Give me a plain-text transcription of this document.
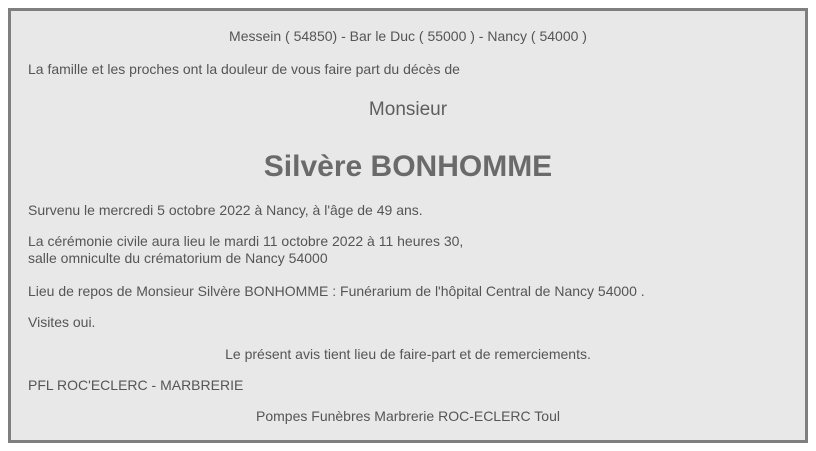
Messein ( 54850) - Bar le Duc ( 55000 ) - Nancy ( 54000 )
La famille et les proches ont la douleur de vous faire part du décès de
Monsieur
Silvère BONHOMME
Survenu le mercredi 5 octobre 2022 à Nancy, à l'âge de 49 ans.
La cérémonie civile aura lieu le mardi 11 octobre 2022 à 11 heures 30,
salle omniculte du crématorium de Nancy 54000
Lieu de repos de Monsieur Silvère BONHOMME : Funérarium de l'hôpital Central de Nancy 54000 .
Visites oui.
Le présent avis tient lieu de faire-part et de remerciements.
PFL ROC'ECLERC - MARBRERIE
Pompes Funèbres Marbrerie ROC-ECLERC Toul
